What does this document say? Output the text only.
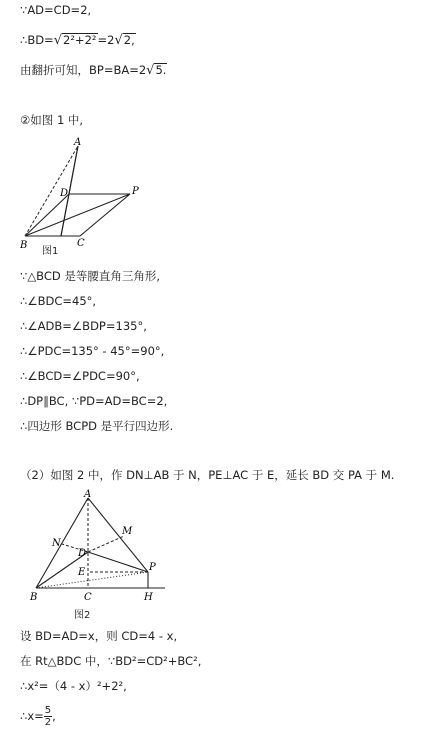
∵AD=CD=2,
∴BD=√2²+2²=2√2,
由翻折可知，BP=BA=2√5.
②如图 1 中,
A
D	P
B	C
图1
∵△BCD 是等腰直角三角形,
∴∠BDC=45°,
∴∠ADB=∠BDP=135°,
∴∠PDC=135° - 45°=90°,
∴∠BCD=∠PDC=90°,
∴DP∥BC, ∵PD=AD=BC=2,
∴四边形 BCPD 是平行四边形.
（2）如图 2 中，作 DN⊥AB 于 N，PE⊥AC 于 E，延长 BD 交 PA 于 M.
A
N
M
D
P
E
B	C	H
图2
设 BD=AD=x，则 CD=4 - x,
在 Rt△BDC 中，∵BD²=CD²+BC²,
∴x²=（4 - x）²+2²,
∴x= $\frac{5}{2}$ ,
